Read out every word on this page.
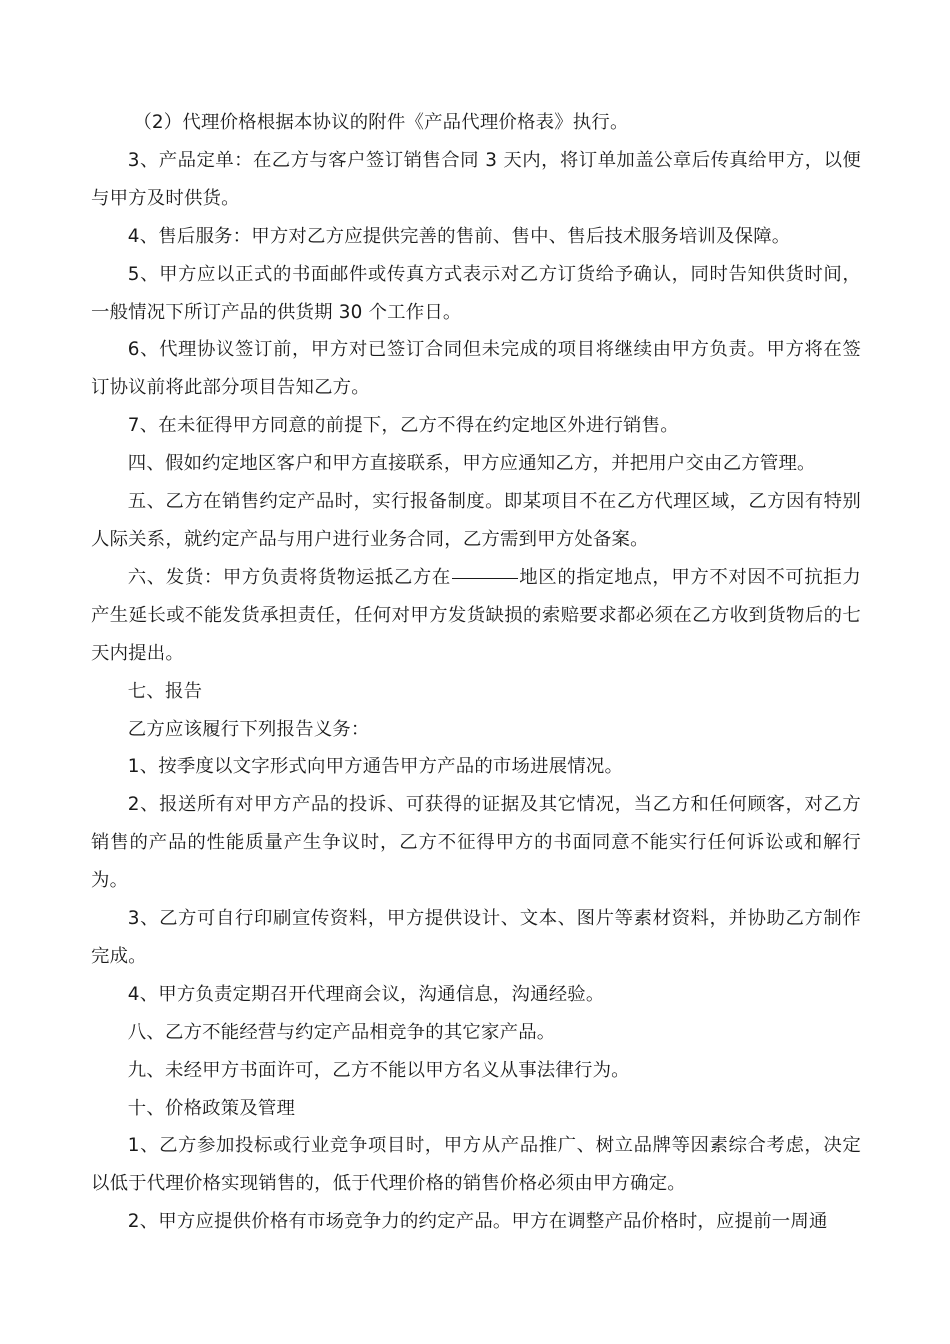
（2）代理价格根据本协议的附件《产品代理价格表》执行。

3、产品定单：在乙方与客户签订销售合同 3 天内，将订单加盖公章后传真给甲方，以便与甲方及时供货。

4、售后服务：甲方对乙方应提供完善的售前、售中、售后技术服务培训及保障。

5、甲方应以正式的书面邮件或传真方式表示对乙方订货给予确认，同时告知供货时间，一般情况下所订产品的供货期 30 个工作日。

6、代理协议签订前，甲方对已签订合同但未完成的项目将继续由甲方负责。甲方将在签订协议前将此部分项目告知乙方。

7、在未征得甲方同意的前提下，乙方不得在约定地区外进行销售。

四、假如约定地区客户和甲方直接联系，甲方应通知乙方，并把用户交由乙方管理。

五、乙方在销售约定产品时，实行报备制度。即某项目不在乙方代理区域，乙方因有特别人际关系，就约定产品与用户进行业务合同，乙方需到甲方处备案。

六、发货：甲方负责将货物运抵乙方在	地区的指定地点，甲方不对因不可抗拒力产生延长或不能发货承担责任，任何对甲方发货缺损的索赔要求都必须在乙方收到货物后的七天内提出。

七、报告

乙方应该履行下列报告义务：

1、按季度以文字形式向甲方通告甲方产品的市场进展情况。

2、报送所有对甲方产品的投诉、可获得的证据及其它情况，当乙方和任何顾客，对乙方销售的产品的性能质量产生争议时，乙方不征得甲方的书面同意不能实行任何诉讼或和解行为。

3、乙方可自行印刷宣传资料，甲方提供设计、文本、图片等素材资料，并协助乙方制作完成。

4、甲方负责定期召开代理商会议，沟通信息，沟通经验。

八、乙方不能经营与约定产品相竞争的其它家产品。

九、未经甲方书面许可，乙方不能以甲方名义从事法律行为。

十、价格政策及管理

1、乙方参加投标或行业竞争项目时，甲方从产品推广、树立品牌等因素综合考虑，决定以低于代理价格实现销售的，低于代理价格的销售价格必须由甲方确定。

2、甲方应提供价格有市场竞争力的约定产品。甲方在调整产品价格时，应提前一周通
